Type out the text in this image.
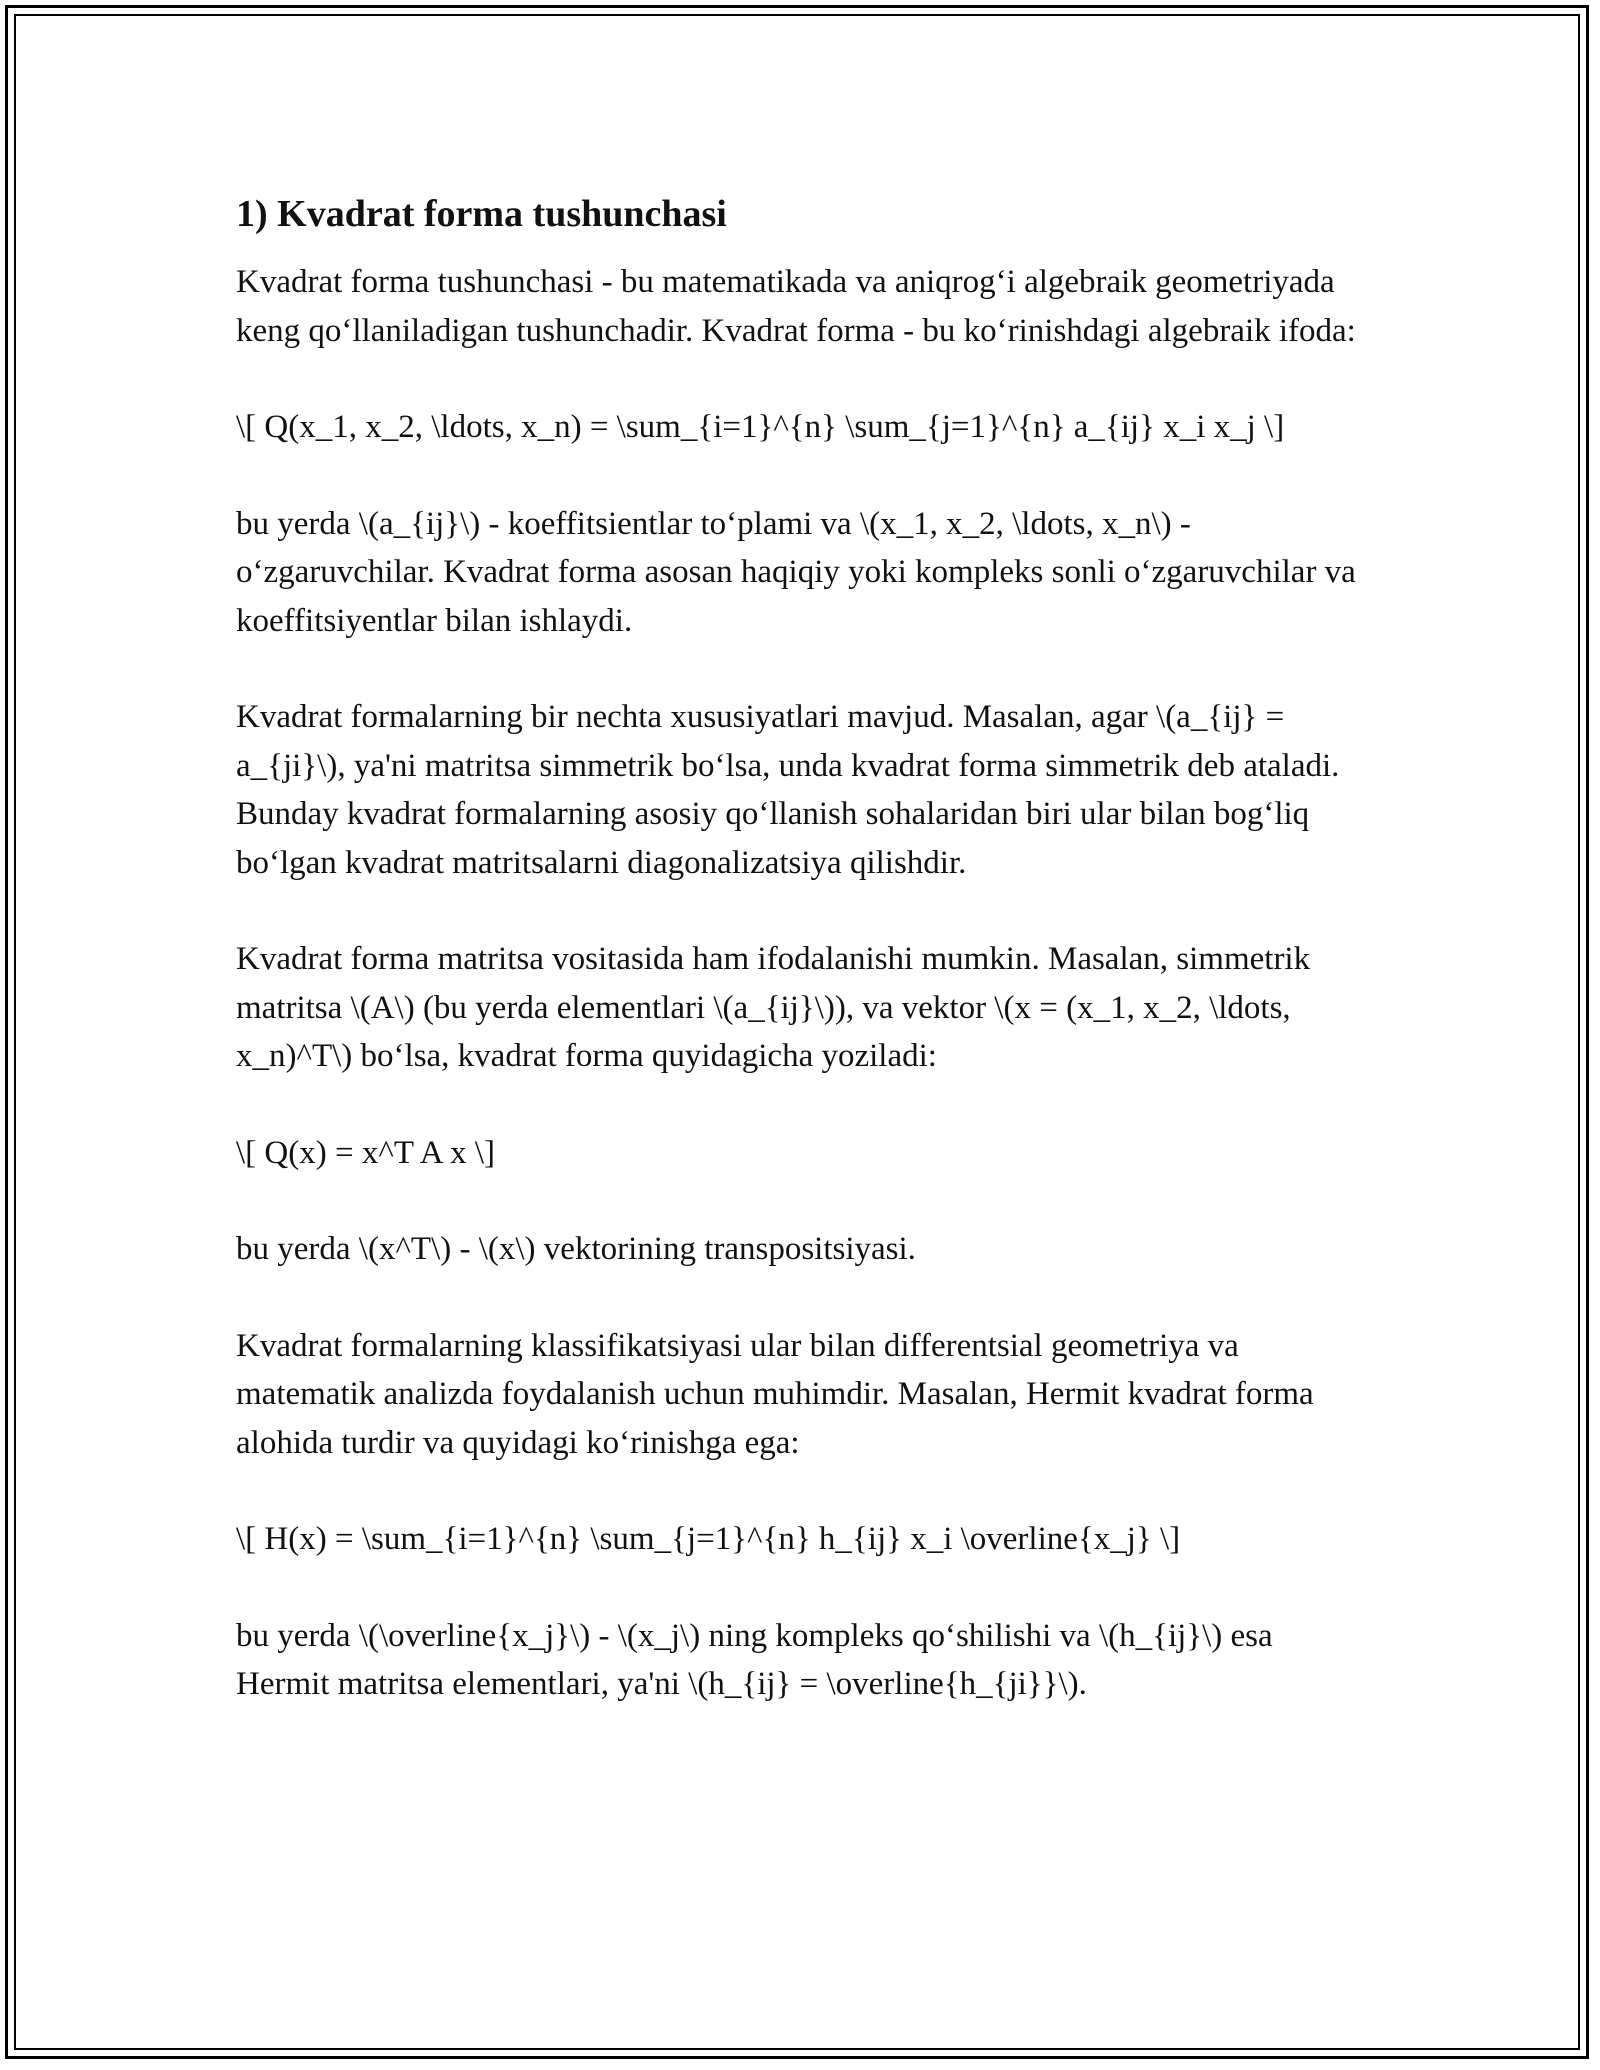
1) Kvadrat forma tushunchasi

Kvadrat forma tushunchasi - bu matematikada va aniqrog‘i algebraik geometriyada keng qo‘llaniladigan tushunchadir. Kvadrat forma - bu ko‘rinishdagi algebraik ifoda:

\[ Q(x_1, x_2, \ldots, x_n) = \sum_{i=1}^{n} \sum_{j=1}^{n} a_{ij} x_i x_j \]

bu yerda \(a_{ij}\) - koeffitsientlar to‘plami va \(x_1, x_2, \ldots, x_n\) - o‘zgaruvchilar. Kvadrat forma asosan haqiqiy yoki kompleks sonli o‘zgaruvchilar va koeffitsiyentlar bilan ishlaydi.

Kvadrat formalarning bir nechta xususiyatlari mavjud. Masalan, agar \(a_{ij} = a_{ji}\), ya'ni matritsa simmetrik bo‘lsa, unda kvadrat forma simmetrik deb ataladi. Bunday kvadrat formalarning asosiy qo‘llanish sohalaridan biri ular bilan bog‘liq bo‘lgan kvadrat matritsalarni diagonalizatsiya qilishdir.

Kvadrat forma matritsa vositasida ham ifodalanishi mumkin. Masalan, simmetrik matritsa \(A\) (bu yerda elementlari \(a_{ij}\)), va vektor \(x = (x_1, x_2, \ldots, x_n)^T\) bo‘lsa, kvadrat forma quyidagicha yoziladi:

\[ Q(x) = x^T A x \]

bu yerda \(x^T\) - \(x\) vektorining transpositsiyasi.

Kvadrat formalarning klassifikatsiyasi ular bilan differentsial geometriya va matematik analizda foydalanish uchun muhimdir. Masalan, Hermit kvadrat forma alohida turdir va quyidagi ko‘rinishga ega:

\[ H(x) = \sum_{i=1}^{n} \sum_{j=1}^{n} h_{ij} x_i \overline{x_j} \]

bu yerda \(\overline{x_j}\) - \(x_j\) ning kompleks qo‘shilishi va \(h_{ij}\) esa Hermit matritsa elementlari, ya'ni \(h_{ij} = \overline{h_{ji}}\).
